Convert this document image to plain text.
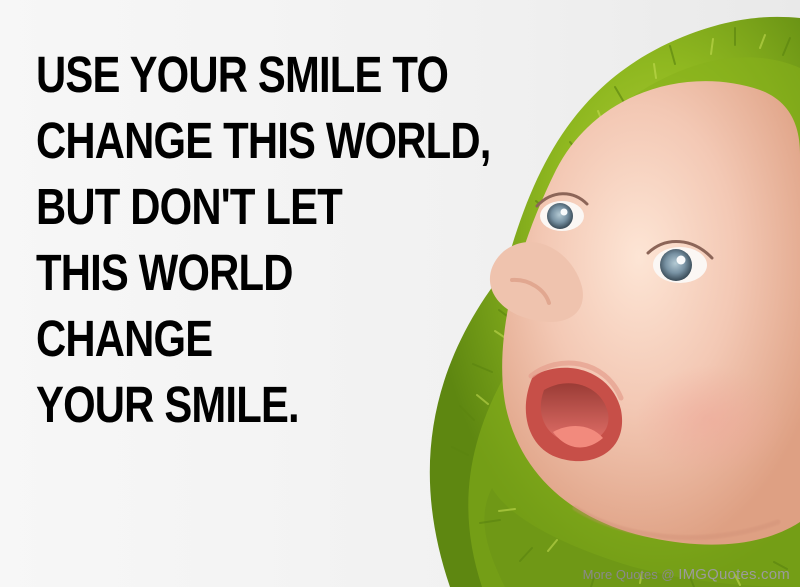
USE YOUR SMILE TO
CHANGE THIS WORLD,
BUT DON'T LET
THIS WORLD
CHANGE
YOUR SMILE.
More Quotes @ IMGQuotes.com
